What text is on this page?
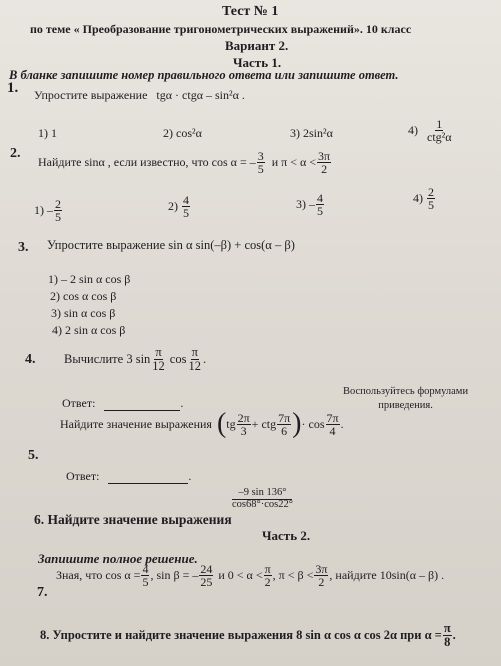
Тест № 1
по теме « Преобразование тригонометрических выражений». 10 класс
Вариант 2.
Часть 1.
В бланке запишите номер правильного ответа или запишите ответ.
1. Упростите выражение tgα · ctgα – sin²α .
1) 1	2) cos²α	3) 2sin²α	$4) \frac{1}{\text{ctg²α}}$
2.
Найдите sinα , если известно, что cos α = – $\frac{3}{5}$ и $\pi < \alpha < \frac{3\pi}{2}$
$1) - \frac{2}{5}$	$2) \frac{4}{5}$	$3) - \frac{4}{5}$	$4) \frac{2}{5}$
3. Упростите выражение sin α sin(–β) + cos(α – β)
1) – 2 sin α cos β
2) cos α cos β
3) sin α cos β
4) 2 sin α cos β
4. Вычислите 3 $\sin \frac{\pi}{12}$ $\cos \frac{\pi}{12}$ .
Ответ:	.
Найдите значение выражения ( tg $\frac{2\pi}{3}$ + ctg $\frac{7\pi}{6}$ ) · $\cos \frac{7\pi}{4}$ .
Воспользуйтесь формулами
приведения.
5.
Ответ:	.
6. Найдите значение выражения
$\frac{-9 \sin 136^\circ}{\cos 68^\circ\cdot\cos 22^\circ}$
Часть 2.
Запишите полное решение.
7.
Зная, что $\cos \alpha = \frac{4}{5}$ , sin β = – $\frac{24}{25}$ и $0 < \alpha < \frac{\pi}{2}$ , $\pi < \beta < \frac{3\pi}{2}$ , найдите 10sin(α – β) .
8. Упростите и найдите значение выражения 8 sin α cos α cos 2α при $\alpha = \frac{\pi}{8}$ .
